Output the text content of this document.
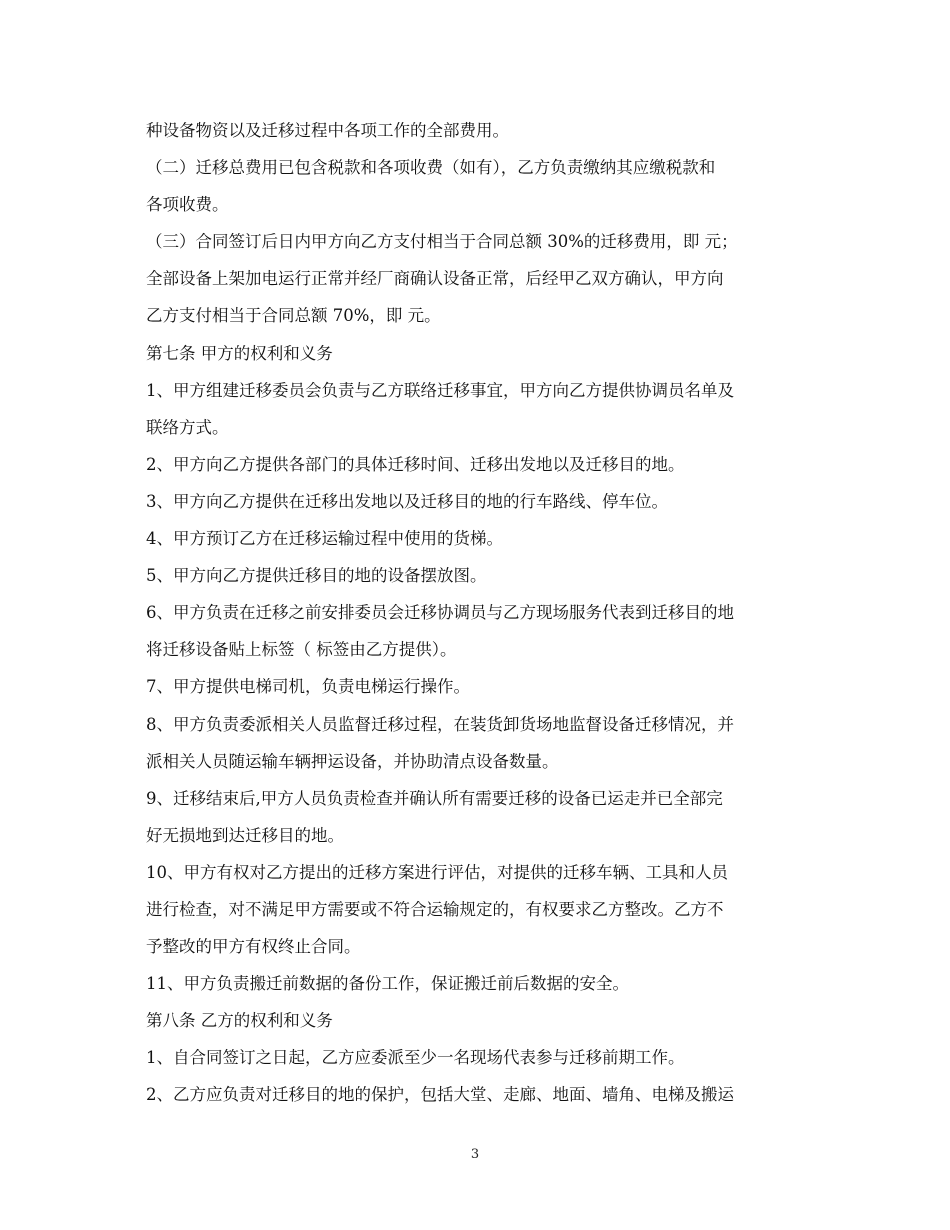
种设备物资以及迁移过程中各项工作的全部费用。
（二）迁移总费用已包含税款和各项收费（如有），乙方负责缴纳其应缴税款和
各项收费。
（三）合同签订后日内甲方向乙方支付相当于合同总额 30%的迁移费用，即 元；
全部设备上架加电运行正常并经厂商确认设备正常，后经甲乙双方确认，甲方向
乙方支付相当于合同总额 70%，即 元。
第七条 甲方的权利和义务
1、甲方组建迁移委员会负责与乙方联络迁移事宜，甲方向乙方提供协调员名单及
联络方式。
2、甲方向乙方提供各部门的具体迁移时间、迁移出发地以及迁移目的地。
3、甲方向乙方提供在迁移出发地以及迁移目的地的行车路线、停车位。
4、甲方预订乙方在迁移运输过程中使用的货梯。
5、甲方向乙方提供迁移目的地的设备摆放图。
6、甲方负责在迁移之前安排委员会迁移协调员与乙方现场服务代表到迁移目的地
将迁移设备贴上标签（ 标签由乙方提供）。
7、甲方提供电梯司机，负责电梯运行操作。
8、甲方负责委派相关人员监督迁移过程，在装货卸货场地监督设备迁移情况，并
派相关人员随运输车辆押运设备，并协助清点设备数量。
9、迁移结束后,甲方人员负责检查并确认所有需要迁移的设备已运走并已全部完
好无损地到达迁移目的地。
10、甲方有权对乙方提出的迁移方案进行评估，对提供的迁移车辆、工具和人员
进行检查，对不满足甲方需要或不符合运输规定的，有权要求乙方整改。乙方不
予整改的甲方有权终止合同。
11、甲方负责搬迁前数据的备份工作，保证搬迁前后数据的安全。
第八条 乙方的权利和义务
1、自合同签订之日起，乙方应委派至少一名现场代表参与迁移前期工作。
2、乙方应负责对迁移目的地的保护，包括大堂、走廊、地面、墙角、电梯及搬运
3
